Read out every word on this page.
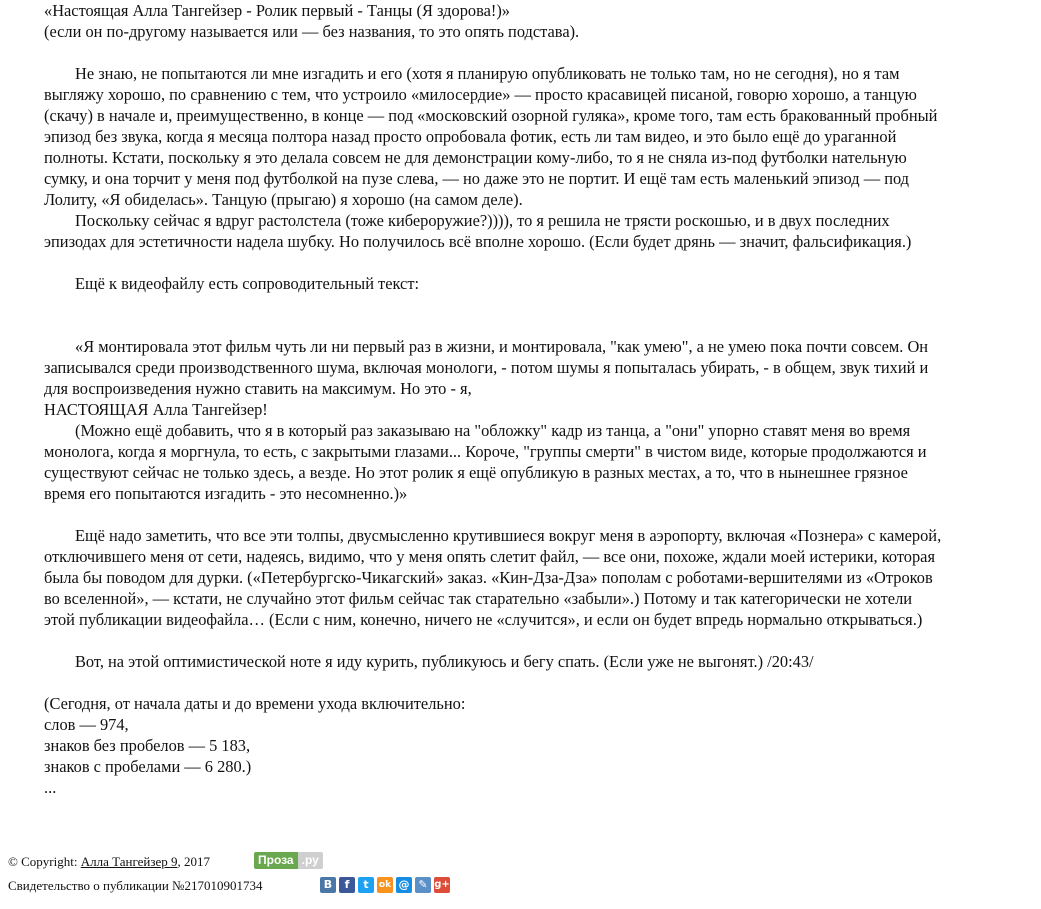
«Настоящая Алла Тангейзер - Ролик первый - Танцы (Я здорова!)»
(если он по-другому называется или — без названия, то это опять подстава).
Не знаю, не попытаются ли мне изгадить и его (хотя я планирую опубликовать не только там, но не сегодня), но я там
выгляжу хорошо, по сравнению с тем, что устроило «милосердие» — просто красавицей писаной, говорю хорошо, а танцую
(скачу) в начале и, преимущественно, в конце — под «московский озорной гуляка», кроме того, там есть бракованный пробный
эпизод без звука, когда я месяца полтора назад просто опробовала фотик, есть ли там видео, и это было ещё до ураганной
полноты. Кстати, поскольку я это делала совсем не для демонстрации кому-либо, то я не сняла из-под футболки нательную
сумку, и она торчит у меня под футболкой на пузе слева, — но даже это не портит. И ещё там есть маленький эпизод — под
Лолиту, «Я обиделась». Танцую (прыгаю) я хорошо (на самом деле).
Поскольку сейчас я вдруг растолстела (тоже кибероружие?)))), то я решила не трясти роскошью, и в двух последних
эпизодах для эстетичности надела шубку. Но получилось всё вполне хорошо. (Если будет дрянь — значит, фальсификация.)
Ещё к видеофайлу есть сопроводительный текст:
«Я монтировала этот фильм чуть ли ни первый раз в жизни, и монтировала, "как умею", а не умею пока почти совсем. Он
записывался среди производственного шума, включая монологи, - потом шумы я попыталась убирать, - в общем, звук тихий и
для воспроизведения нужно ставить на максимум. Но это - я,
НАСТОЯЩАЯ Алла Тангейзер!
(Можно ещё добавить, что я в который раз заказываю на "обложку" кадр из танца, а "они" упорно ставят меня во время
монолога, когда я моргнула, то есть, с закрытыми глазами... Короче, "группы смерти" в чистом виде, которые продолжаются и
существуют сейчас не только здесь, а везде. Но этот ролик я ещё опубликую в разных местах, а то, что в нынешнее грязное
время его попытаются изгадить - это несомненно.)»
Ещё надо заметить, что все эти толпы, двусмысленно крутившиеся вокруг меня в аэропорту, включая «Познера» с камерой,
отключившего меня от сети, надеясь, видимо, что у меня опять слетит файл, — все они, похоже, ждали моей истерики, которая
была бы поводом для дурки. («Петербургско-Чикагский» заказ. «Кин-Дза-Дза» пополам с роботами-вершителями из «Отроков
во вселенной», — кстати, не случайно этот фильм сейчас так старательно «забыли».) Потому и так категорически не хотели
этой публикации видеофайла… (Если с ним, конечно, ничего не «случится», и если он будет впредь нормально открываться.)
Вот, на этой оптимистической ноте я иду курить, публикуюсь и бегу спать. (Если уже не выгонят.) /20:43/
(Сегодня, от начала даты и до времени ухода включительно:
слов — 974,
знаков без пробелов — 5 183,
знаков с пробелами — 6 280.)
...
© Copyright: Алла Тангейзер 9, 2017	Проза .ру
Свидетельство о публикации №217010901734	B	f	t	ok @ ✎ g+
